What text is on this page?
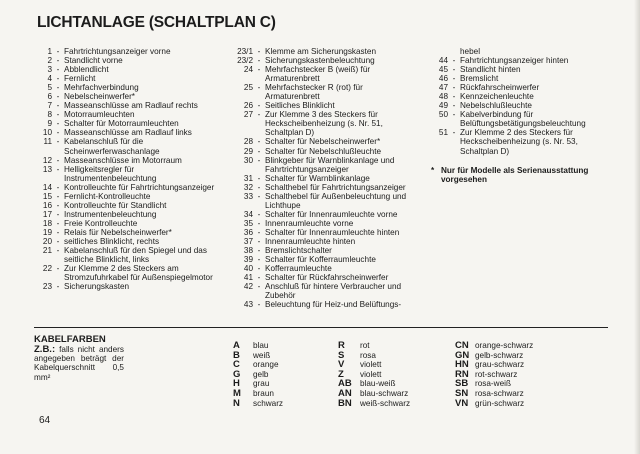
LICHTANLAGE (SCHALTPLAN C)
1 - Fahrtrichtungsanzeiger vorne
2 - Standlicht vorne
3 - Abblendlicht
4 - Fernlicht
5 - Mehrfachverbindung
6 - Nebelscheinwerfer*
7 - Masseanschlüsse am Radlauf rechts
8 - Motorraumleuchten
9 - Schalter für Motorraumleuchten
10 - Masseanschlüsse am Radlauf links
11 - Kabelanschluß für die Scheinwerferwaschanlage
12 - Masseanschlüsse im Motorraum
13 - Helligkeitsregler für Instrumentenbeleuchtung
14 - Kontrolleuchte für Fahrtrichtungsanzeiger
15 - Fernlicht-Kontrolleuchte
16 - Kontrolleuchte für Standlicht
17 - Instrumentenbeleuchtung
18 - Freie Kontrolleuchte
19 - Relais für Nebelscheinwerfer*
20 - seitliches Blinklicht, rechts
21 - Kabelanschluß für den Spiegel und das seitliche Blinklicht, links
22 - Zur Klemme 2 des Steckers am Stromzufuhrkabel für Außenspiegelmotor
23 - Sicherungskasten
23/1 - Klemme am Sicherungskasten
23/2 - Sicherungskastenbeleuchtung
24 - Mehrfachstecker B (weiß) für Armaturenbrett
25 - Mehrfachstecker R (rot) für Armaturenbrett
26 - Seitliches Blinklicht
27 - Zur Klemme 3 des Steckers für Heckscheibenheizung (s. Nr. 51, Schaltplan D)
28 - Schalter für Nebelscheinwerfer*
29 - Schalter für Nebelschlußleuchte
30 - Blinkgeber für Warnblinkanlage und Fahrtrichtungsanzeiger
31 - Schalter für Warnblinkanlage
32 - Schalthebel für Fahrtrichtungsanzeiger
33 - Schalthebel für Außenbeleuchtung und Lichthupe
34 - Schalter für Innenraumleuchte vorne
35 - Innenraumleuchte vorne
36 - Schalter für Innenraumleuchte hinten
37 - Innenraumleuchte hinten
38 - Bremslichtschalter
39 - Schalter für Kofferraumleuchte
40 - Kofferraumleuchte
41 - Schalter für Rückfahrscheinwerfer
42 - Anschluß für hintere Verbraucher und Zubehör
43 - Beleuchtung für Heiz-und Belüftungs-
hebel
44 - Fahrtrichtungsanzeiger hinten
45 - Standlicht hinten
46 - Bremslicht
47 - Rückfahrscheinwerfer
48 - Kennzeichenleuchte
49 - Nebelschlußleuchte
50 - Kabelverbindung für Belüftungsbetätigungsbeleuchtung
51 - Zur Klemme 2 des Steckers für Heckscheibenheizung (s. Nr. 53, Schaltplan D)
* Nur für Modelle als Serienausstattung vorgesehen
KABELFARBEN
Z.B.: falls nicht anders angegeben beträgt der Kabelquerschnitt 0,5 mm²
A	blau
B	weiß
C	orange
G	gelb
H	grau
M	braun
N	schwarz
R	rot
S	rosa
V	violett
Z	violett
AB	blau-weiß
AN	blau-schwarz
BN	weiß-schwarz
CN orange-schwarz
GN gelb-schwarz
HN grau-schwarz
RN rot-schwarz
SB rosa-weiß
SN rosa-schwarz
VN grün-schwarz
64
